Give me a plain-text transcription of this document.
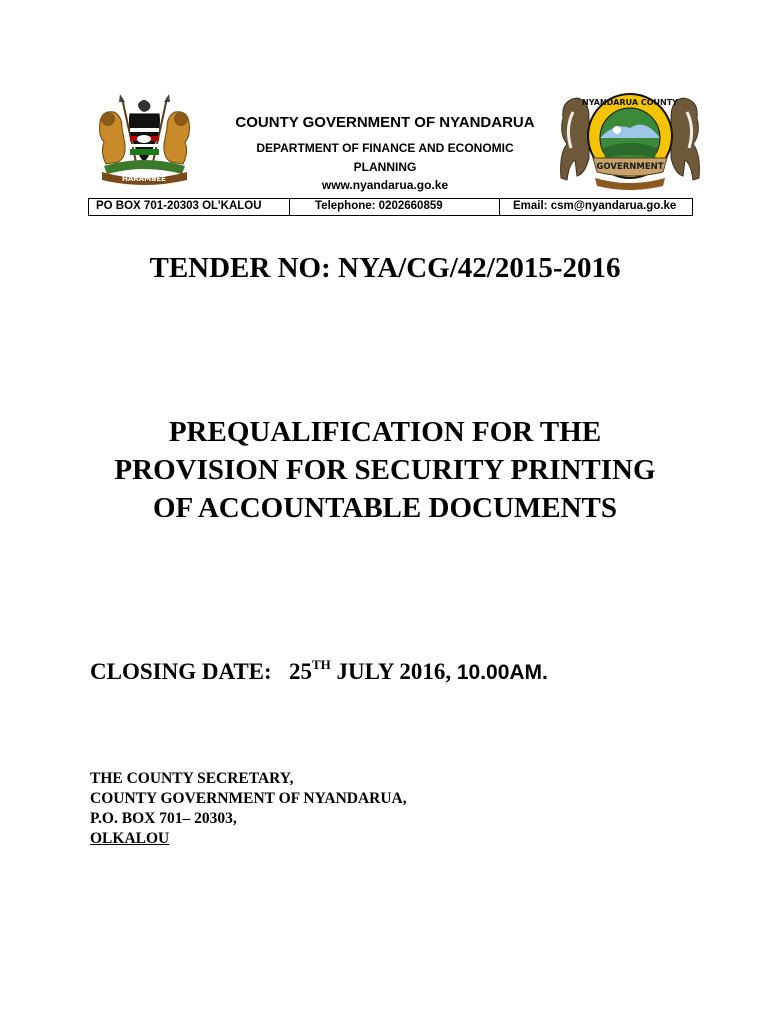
HARAMBEE
NYANDARUA COUNTY
GOVERNMENT
COUNTY GOVERNMENT OF NYANDARUA
DEPARTMENT OF FINANCE AND ECONOMIC
PLANNING
www.nyandarua.go.ke
PO BOX 701-20303 OL’KALOU	Telephone: 0202660859	Email: csm@nyandarua.go.ke
TENDER NO: NYA/CG/42/2015-2016
PREQUALIFICATION FOR THE
PROVISION FOR SECURITY PRINTING
OF ACCOUNTABLE DOCUMENTS
CLOSING DATE: 25TH JULY 2016, 10.00AM.
THE COUNTY SECRETARY,
COUNTY GOVERNMENT OF NYANDARUA,
P.O. BOX 701– 20303,
OLKALOU
